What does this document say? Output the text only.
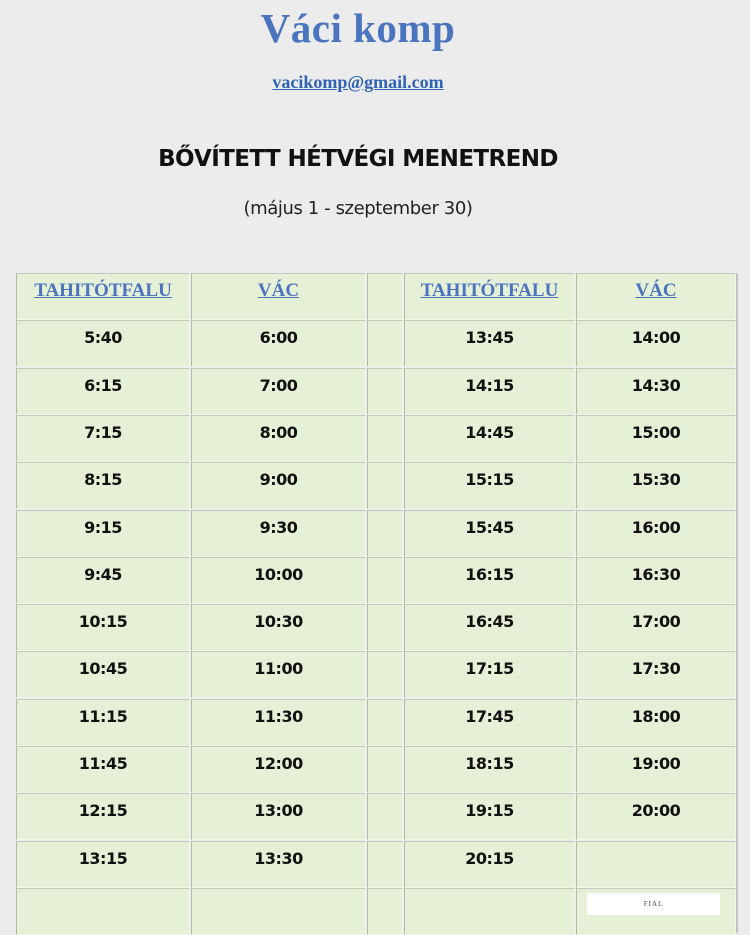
Váci komp
vacikomp@gmail.com
BŐVÍTETT HÉTVÉGI MENETREND
(május 1 - szeptember 30)
TAHITÓTFALU	VÁC	TAHITÓTFALU	VÁC
5:40	6:00	13:45	14:00
6:15	7:00	14:15	14:30
7:15	8:00	14:45	15:00
8:15	9:00	15:15	15:30
9:15	9:30	15:45	16:00
9:45	10:00	16:15	16:30
10:15	10:30	16:45	17:00
10:45	11:00	17:15	17:30
11:15	11:30	17:45	18:00
11:45	12:00	18:15	19:00
12:15	13:00	19:15	20:00
13:15	13:30	20:15
FIAL
